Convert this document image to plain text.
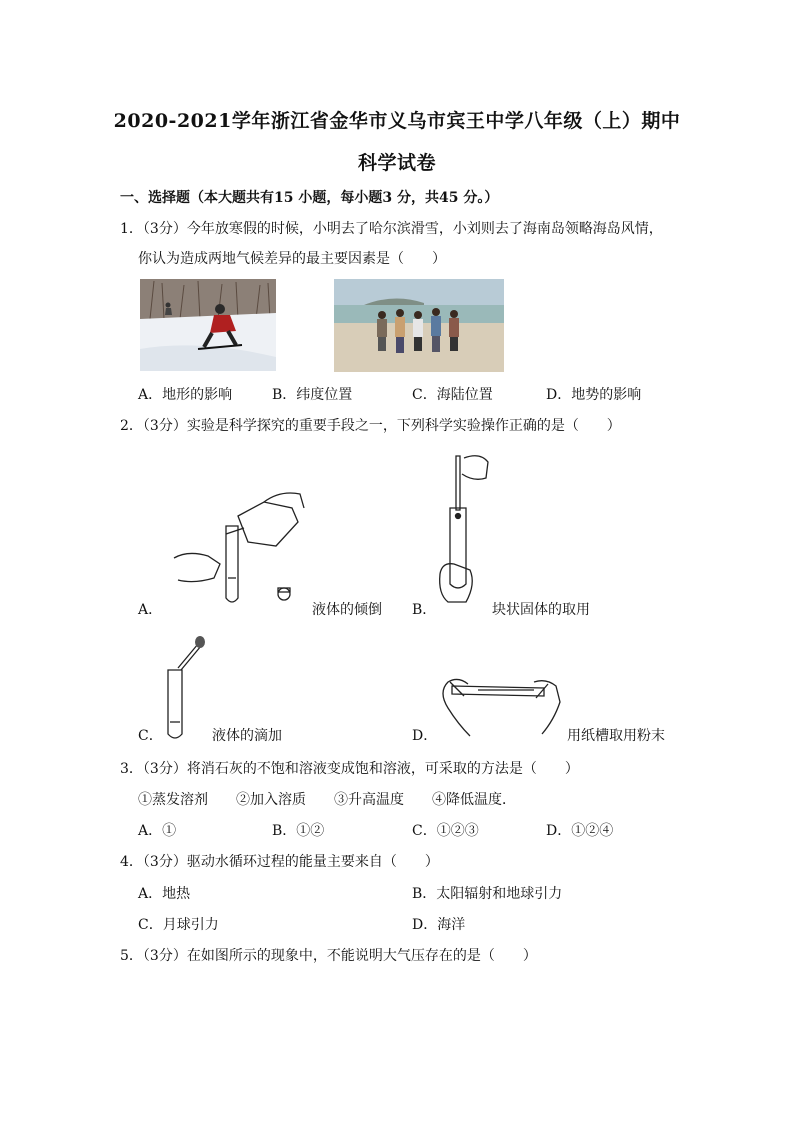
2020-2021学年浙江省金华市义乌市宾王中学八年级（上）期中
科学试卷
一、选择题（本大题共有15 小题，每小题3 分，共45 分。）
1．（3分）今年放寒假的时候，小明去了哈尔滨滑雪，小刘则去了海南岛领略海岛风情，
你认为造成两地气候差异的最主要因素是（　　）
A．地形的影响	B．纬度位置	C．海陆位置	D．地势的影响
2．（3分）实验是科学探究的重要手段之一，下列科学实验操作正确的是（　　）
A．	液体的倾倒 B．	块状固体的取用
C．	液体的滴加	D．	用纸槽取用粉末
3．（3分）将消石灰的不饱和溶液变成饱和溶液，可采取的方法是（　　）
①蒸发溶剂　　②加入溶质　　③升高温度　　④降低温度．
A．①	B．①②	C．①②③	D．①②④
4．（3分）驱动水循环过程的能量主要来自（　　）
A．地热	B．太阳辐射和地球引力
C．月球引力	D．海洋
5．（3分）在如图所示的现象中，不能说明大气压存在的是（　　）
